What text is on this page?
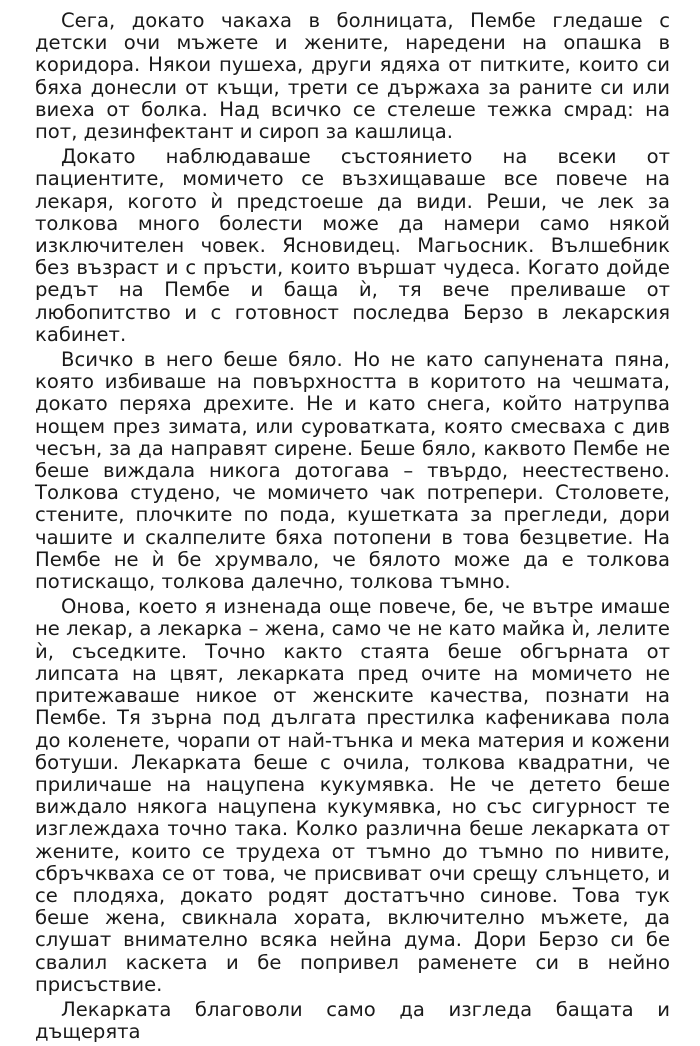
Сега, докато чакаха в болницата, Пембе гледаше с детски очи мъжете и жените, наредени на опашка в коридора. Някои пушеха, други ядяха от питките, които си бяха донесли от къщи, трети се държаха за раните си или виеха от болка. Над всичко се стелеше тежка смрад: на пот, дезинфектант и сироп за кашлица.

Докато наблюдаваше състоянието на всеки от пациентите, момичето се възхищаваше все повече на лекаря, когото ѝ предстоеше да види. Реши, че лек за толкова много болести може да намери само някой изключителен човек. Ясновидец. Магьосник. Вълшебник без възраст и с пръсти, които вършат чудеса. Когато дойде редът на Пембе и баща ѝ, тя вече преливаше от любопитство и с готовност последва Берзо в лекарския кабинет.

Всичко в него беше бяло. Но не като сапунената пяна, която избиваше на повърхността в коритото на чешмата, докато перяха дрехите. Не и като снега, който натрупва нощем през зимата, или суроватката, която смесваха с див чесън, за да направят сирене. Беше бяло, каквото Пембе не беше виждала никога дотогава – твърдо, неестествено. Толкова студено, че момичето чак потрепери. Столовете, стените, плочките по пода, кушетката за прегледи, дори чашите и скалпелите бяха потопени в това безцветие. На Пембе не ѝ бе хрумвало, че бялото може да е толкова потискащо, толкова далечно, толкова тъмно.

Онова, което я изненада още повече, бе, че вътре имаше не лекар, а лекарка – жена, само че не като майка ѝ, лелите ѝ, съседките. Точно както стаята беше обгърната от липсата на цвят, лекарката пред очите на момичето не притежаваше никое от женските качества, познати на Пембе. Тя зърна под дългата престилка кафеникава пола до коленете, чорапи от най-тънка и мека материя и кожени ботуши. Лекарката беше с очила, толкова квадратни, че приличаше на нацупена кукумявка. Не че детето беше виждало някога нацупена кукумявка, но със сигурност те изглеждаха точно така. Колко различна беше лекарката от жените, които се трудеха от тъмно до тъмно по нивите, сбръчкваха се от това, че присвиват очи срещу слънцето, и се плодяха, докато родят достатъчно синове. Това тук беше жена, свикнала хората, включително мъжете, да слушат внимателно всяка нейна дума. Дори Берзо си бе свалил каскета и бе попривел раменете си в нейно присъствие.

Лекарката благоволи само да изгледа бащата и дъщерята
